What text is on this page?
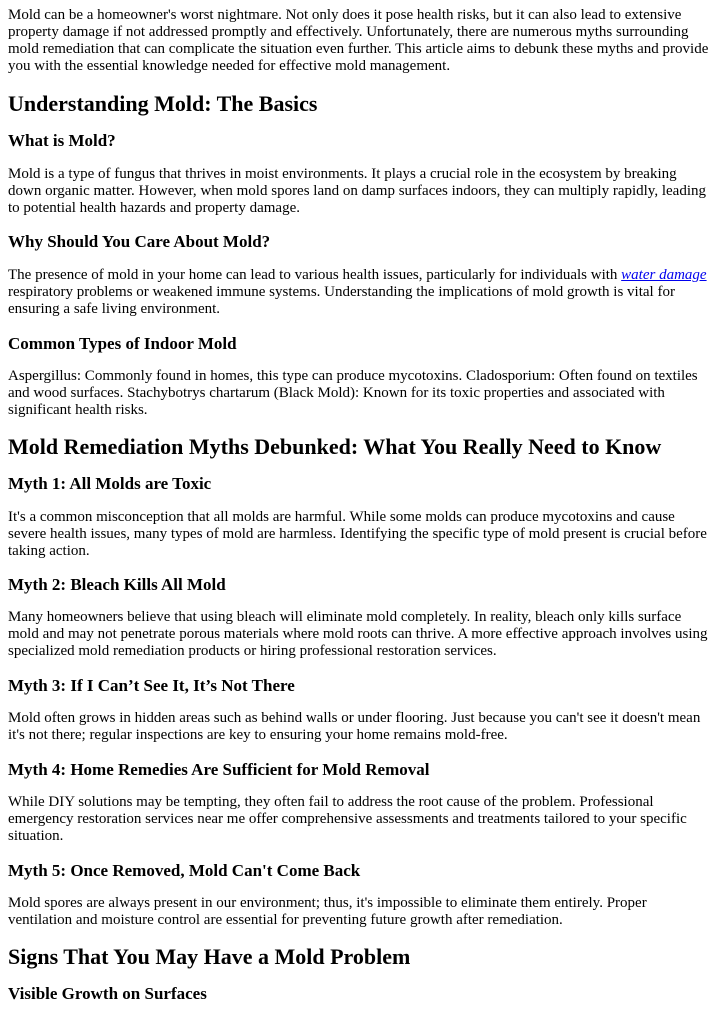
Mold can be a homeowner's worst nightmare. Not only does it pose health risks, but it can also lead to extensive property damage if not addressed promptly and effectively. Unfortunately, there are numerous myths surrounding mold remediation that can complicate the situation even further. This article aims to debunk these myths and provide you with the essential knowledge needed for effective mold management.

Understanding Mold: The Basics
What is Mold?

Mold is a type of fungus that thrives in moist environments. It plays a crucial role in the ecosystem by breaking down organic matter. However, when mold spores land on damp surfaces indoors, they can multiply rapidly, leading to potential health hazards and property damage.

Why Should You Care About Mold?

The presence of mold in your home can lead to various health issues, particularly for individuals with water damage respiratory problems or weakened immune systems. Understanding the implications of mold growth is vital for ensuring a safe living environment.

Common Types of Indoor Mold

Aspergillus: Commonly found in homes, this type can produce mycotoxins. Cladosporium: Often found on textiles and wood surfaces. Stachybotrys chartarum (Black Mold): Known for its toxic properties and associated with significant health risks.

Mold Remediation Myths Debunked: What You Really Need to Know
Myth 1: All Molds are Toxic

It's a common misconception that all molds are harmful. While some molds can produce mycotoxins and cause severe health issues, many types of mold are harmless. Identifying the specific type of mold present is crucial before taking action.

Myth 2: Bleach Kills All Mold

Many homeowners believe that using bleach will eliminate mold completely. In reality, bleach only kills surface mold and may not penetrate porous materials where mold roots can thrive. A more effective approach involves using specialized mold remediation products or hiring professional restoration services.

Myth 3: If I Can’t See It, It’s Not There

Mold often grows in hidden areas such as behind walls or under flooring. Just because you can't see it doesn't mean it's not there; regular inspections are key to ensuring your home remains mold-free.

Myth 4: Home Remedies Are Sufficient for Mold Removal

While DIY solutions may be tempting, they often fail to address the root cause of the problem. Professional emergency restoration services near me offer comprehensive assessments and treatments tailored to your specific situation.

Myth 5: Once Removed, Mold Can't Come Back

Mold spores are always present in our environment; thus, it's impossible to eliminate them entirely. Proper ventilation and moisture control are essential for preventing future growth after remediation.

Signs That You May Have a Mold Problem
Visible Growth on Surfaces
